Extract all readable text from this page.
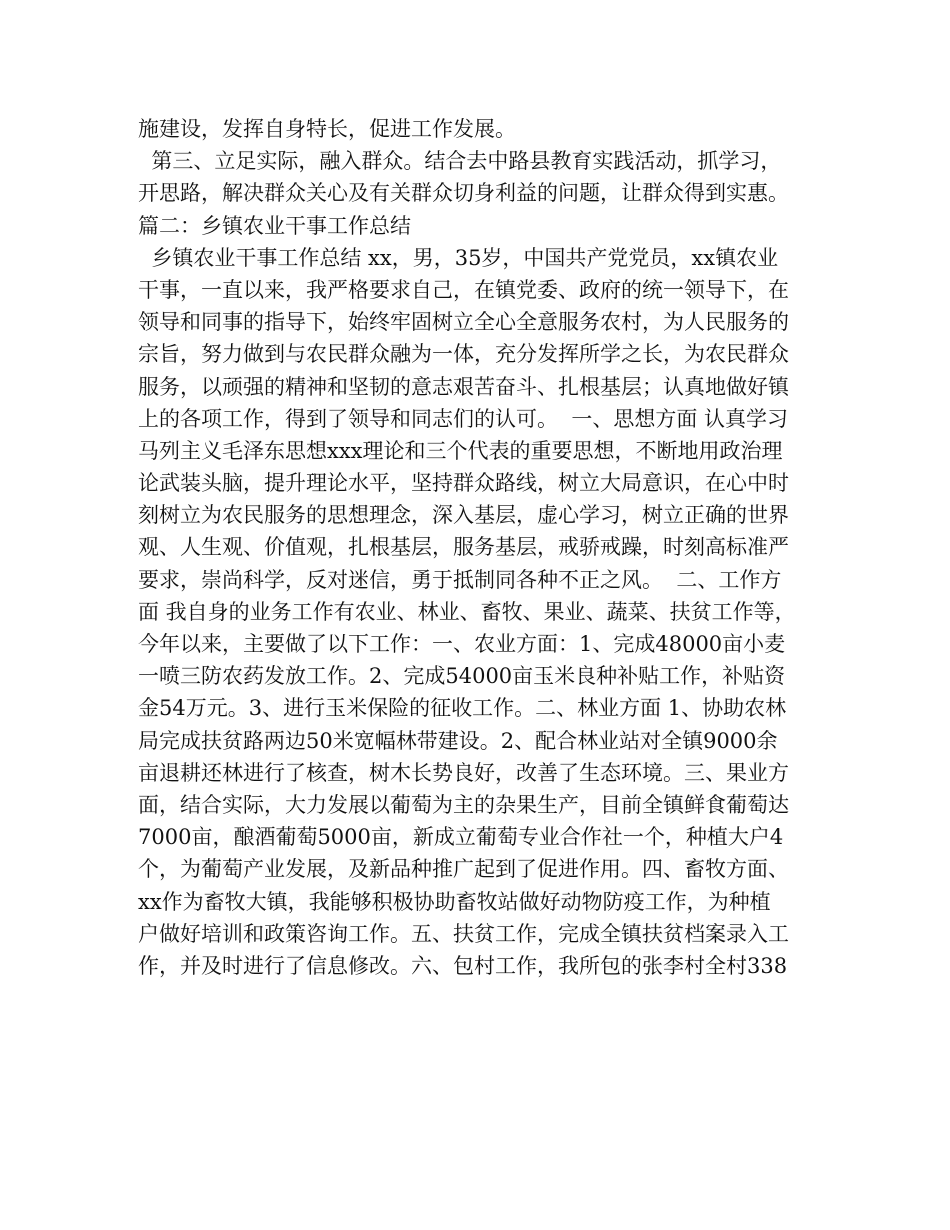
施建设，发挥自身特长，促进工作发展。
第三、立足实际，融入群众。结合去中路县教育实践活动，抓学习，
开思路，解决群众关心及有关群众切身利益的问题，让群众得到实惠。
篇二：乡镇农业干事工作总结
乡镇农业干事工作总结 xx，男，35岁，中国共产党党员，xx镇农业
干事，一直以来，我严格要求自己，在镇党委、政府的统一领导下，在
领导和同事的指导下，始终牢固树立全心全意服务农村，为人民服务的
宗旨，努力做到与农民群众融为一体，充分发挥所学之长，为农民群众
服务，以顽强的精神和坚韧的意志艰苦奋斗、扎根基层；认真地做好镇
上的各项工作，得到了领导和同志们的认可。  一、思想方面 认真学习
马列主义毛泽东思想xxx理论和三个代表的重要思想，不断地用政治理
论武装头脑，提升理论水平，坚持群众路线，树立大局意识，在心中时
刻树立为农民服务的思想理念，深入基层，虚心学习，树立正确的世界
观、人生观、价值观，扎根基层，服务基层，戒骄戒躁，时刻高标准严
要求，崇尚科学，反对迷信，勇于抵制同各种不正之风。  二、工作方
面 我自身的业务工作有农业、林业、畜牧、果业、蔬菜、扶贫工作等，
今年以来，主要做了以下工作：一、农业方面：1、完成48000亩小麦
一喷三防农药发放工作。2、完成54000亩玉米良种补贴工作，补贴资
金54万元。3、进行玉米保险的征收工作。二、林业方面 1、协助农林
局完成扶贫路两边50米宽幅林带建设。2、配合林业站对全镇9000余
亩退耕还林进行了核查，树木长势良好，改善了生态环境。三、果业方
面，结合实际，大力发展以葡萄为主的杂果生产，目前全镇鲜食葡萄达
7000亩，酿酒葡萄5000亩，新成立葡萄专业合作社一个，种植大户4
个，为葡萄产业发展，及新品种推广起到了促进作用。四、畜牧方面、
xx作为畜牧大镇，我能够积极协助畜牧站做好动物防疫工作，为种植
户做好培训和政策咨询工作。五、扶贫工作，完成全镇扶贫档案录入工
作，并及时进行了信息修改。六、包村工作，我所包的张李村全村338
